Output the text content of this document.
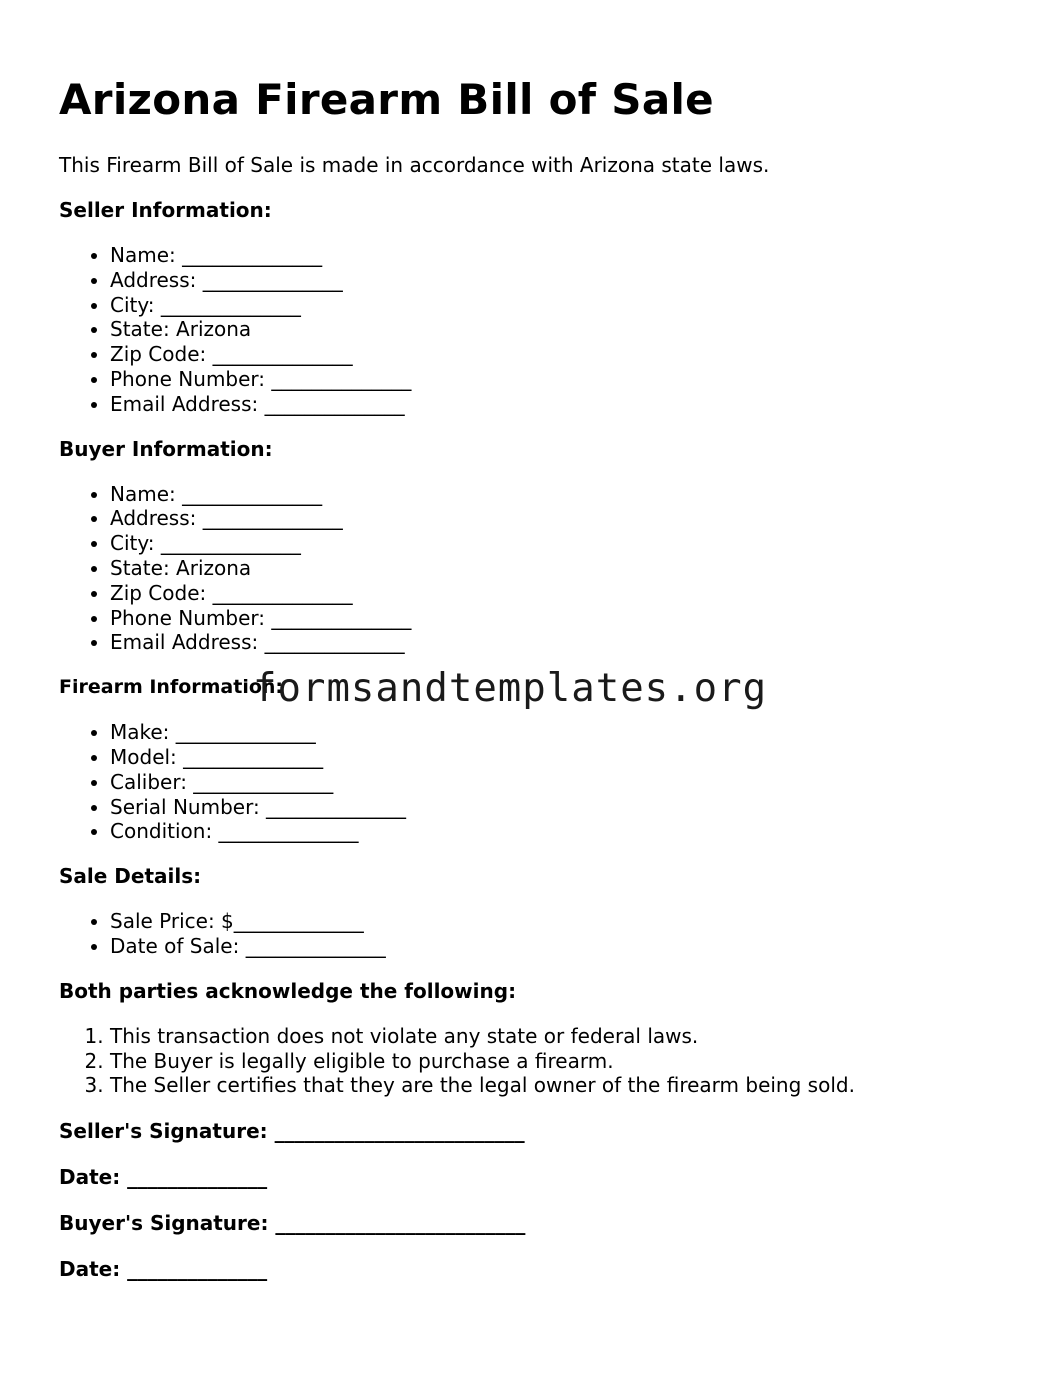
Arizona Firearm Bill of Sale

This Firearm Bill of Sale is made in accordance with Arizona state laws.

Seller Information:

• Name: ______________
• Address: ______________
• City: ______________
• State: Arizona
• Zip Code: ______________
• Phone Number: ______________
• Email Address: ______________

Buyer Information:

• Name: ______________
• Address: ______________
• City: ______________
• State: Arizona
• Zip Code: ______________
• Phone Number: ______________
• Email Address: ______________

Firearm Information:

• Make: ______________
• Model: ______________
• Caliber: ______________
• Serial Number: ______________
• Condition: ______________

Sale Details:

• Sale Price: $_____________
• Date of Sale: ______________

Both parties acknowledge the following:

1. This transaction does not violate any state or federal laws.
2. The Buyer is legally eligible to purchase a firearm.
3. The Seller certifies that they are the legal owner of the firearm being sold.

Seller's Signature: _________________________

Date: ______________

Buyer's Signature: _________________________

Date: ______________

formsandtemplates.org
